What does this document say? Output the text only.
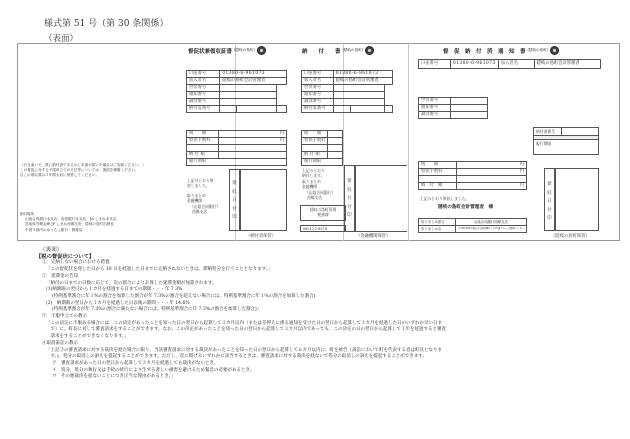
様式第 51 号（第 30 条関係）
（表面）
督促状兼領収証書 (隠岐の島町)
口座番号	01380-6-961073		
加入者名	隠岐の島町会計管理者		
世帯番号			
通知番号			
識別番号			
納付書番号			
税　　額	円
督促手数料	円

納 付 額	
履行期限	
上記のとおり領
収しました。
取りまとめ
金融機関
（山陰合同銀行）
西郷支店
領
収
日
付
印
（納付者保管）
（行き違いで、既に納付済であるのに本書が届いた場合はご容赦ください。）
この督促に対する不服申立ての方法等については、裏面を御覧ください。
自この領収書は５年間大切に保管してください。
納付場所
山陰合同銀行本支店、島根銀行本支店、JA しまね本支店、
鳥取県労働金庫 JF しまね西郷支所、隠岐の島町出納室
中国５県内のゆうちょ銀行・郵便局
納　　付　　書 (隠岐の島町)
口座番号	01380-6-961073		
加入者名	隠岐の島町会計管理者		
世帯番号			
通知番号			
識別番号			
納付書番号			
税　　額	
督促手数料	

納 付 額	
履行期限	
上記のとおり
納付します。
取りまとめ
金融機関
（山陰合同銀行）
西郷支店
隠岐の島町役場
税務課
08512-2-8574
領
収
日
付
印
（金融機関保管）
督　促　納　付　済　通　知　書 (隠岐の島町)
口座番号	01380-6-961073	加入者名	隠岐の島町会計管理者
世帯番号	
通知番号	
識別番号	
納付書番号
履行期限
税　　額	円
督促手数料	円

納　付　額	円
上記のとおり領収しました。
隠岐の島町会計管理者　様
取りまとめ銀行	山陰合同銀行西郷支店
取りまとめ店	〒700-8950 岡山市北区柳町1丁目中国ブロック事務センター
領
収
日
付
印
（隠岐の島町保管）
（裏面）
【税の督促状について】
①　完納しない場合における措置
「この督促状を発した日から 10 日を経過した日までに完納されないときは、滞納処分を行うこととなります。」
②　延滞金の告知
「納付の日までの日数に応じて、次の割合により計算した延滞金額が加算されます。
(1)納期限の翌日から１カ月を経過する日までの期間・・・年 7.3%
(特例基準割合に年１%の割合を加算した割合が年 7.3%の割合を超えない場合には、特例基準割合に年１%の割合を加算した割合)
(2)　納期限の翌日から１カ月を経過した日以後の期間・・・年 14.6%
(特例基準割合が年 7.3%の割合に満たない場合には、特例基準割合に年 7.3%の割合を加算した割合)」
③　不服申立ての教示
「この決定に不服ある場合には、この決定があったことを知った日の翌日から起算して３カ月以内（または差押えに係る通知を受けた日の翌日から起算して３カ月を経過した日のいずれか早い日ま
　で）に、町長に対して審査請求をすることができます。なお、この決定があったことを知った日の翌日から起算して３カ月以内であっても、この決定の日の翌日から起算して１年を経過すると審査
　請求をすることができなくなります。」
④取消訴訟の教示
「上記③の審査請求に対する裁決を経た場合に限り、当該審査請求に対する裁決があったことを知った日の翌日から起算して６カ月以内に、町を被告（訴訟において町を代表する者は町長となりま
　す。)、処分の取消しの訴えを提起することができます。ただし、次に掲げるいずれかに該当するときは、審査請求に対する裁決を経ないで処分の取消しの訴えを提起することができます。
ア　審査請求があった日の翌日から起算して３カ月を経過しても裁決がないとき。
イ　処分、処分の執行又は手続の続行により生ずる著しい損害を避けるため緊急の必要があるとき。
ウ　その他裁決を経ないことにつき正当な理由があるとき。」
